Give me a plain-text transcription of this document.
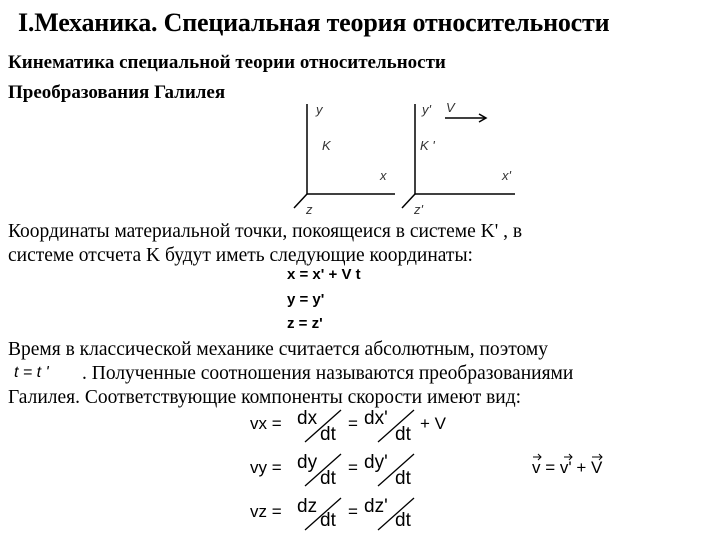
I.Механика. Специальная теория относительности
Кинематика специальной теории относительности
Преобразования Галилея
y
K
x
z
y' V
K '
x'
z'
Координаты материальной точки, покоящеися в системе K' , в
системе отсчета K будут иметь следующие координаты:
x = x' + V t
y = y'
z = z'
Время в классической механике считается абсолютным, поэтому
t = t ' . Полученные соотношения называются преобразованиями
Галилея. Соответствующие компоненты скорости имеют вид:
vx = dx
dt
= dx'
dt
+ V
vy = dy
dt
= dy'
dt
vz = dz
dt = dz'
dt
v = v' + V
